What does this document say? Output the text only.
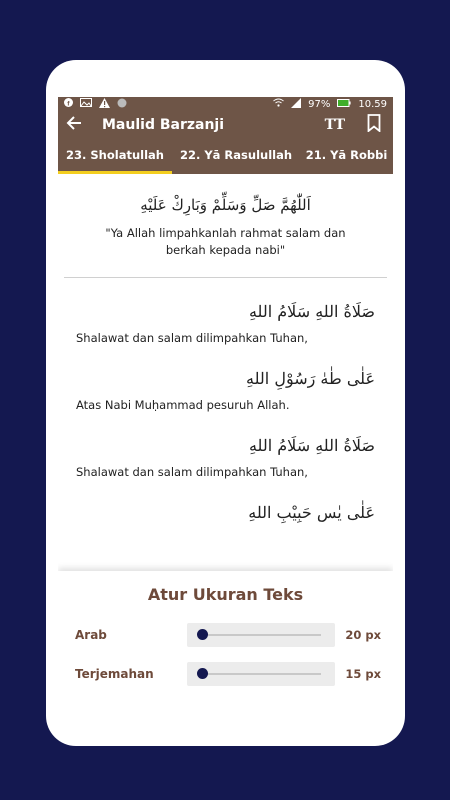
f	97%	10.59
Maulid Barzanji	TT
23. Sholatullah 22. Yā Rasulullah 21. Yā Robbi
اَللّٰهُمَّ صَلِّ وَسَلِّمْ وَبَارِكْ عَلَيْهِ
"Ya Allah limpahkanlah rahmat salam dan berkah kepada nabi"
صَلَاةُ اللهِ سَلَامُ اللهِ
Shalawat dan salam dilimpahkan Tuhan,
عَلٰى طٰهٰ رَسُوْلِ اللهِ
Atas Nabi Muḥammad pesuruh Allah.
صَلَاةُ اللهِ سَلَامُ اللهِ
Shalawat dan salam dilimpahkan Tuhan,
عَلٰى يٰس حَبِيْبِ اللهِ
Atur Ukuran Teks
Arab	20 px
Terjemahan	15 px
